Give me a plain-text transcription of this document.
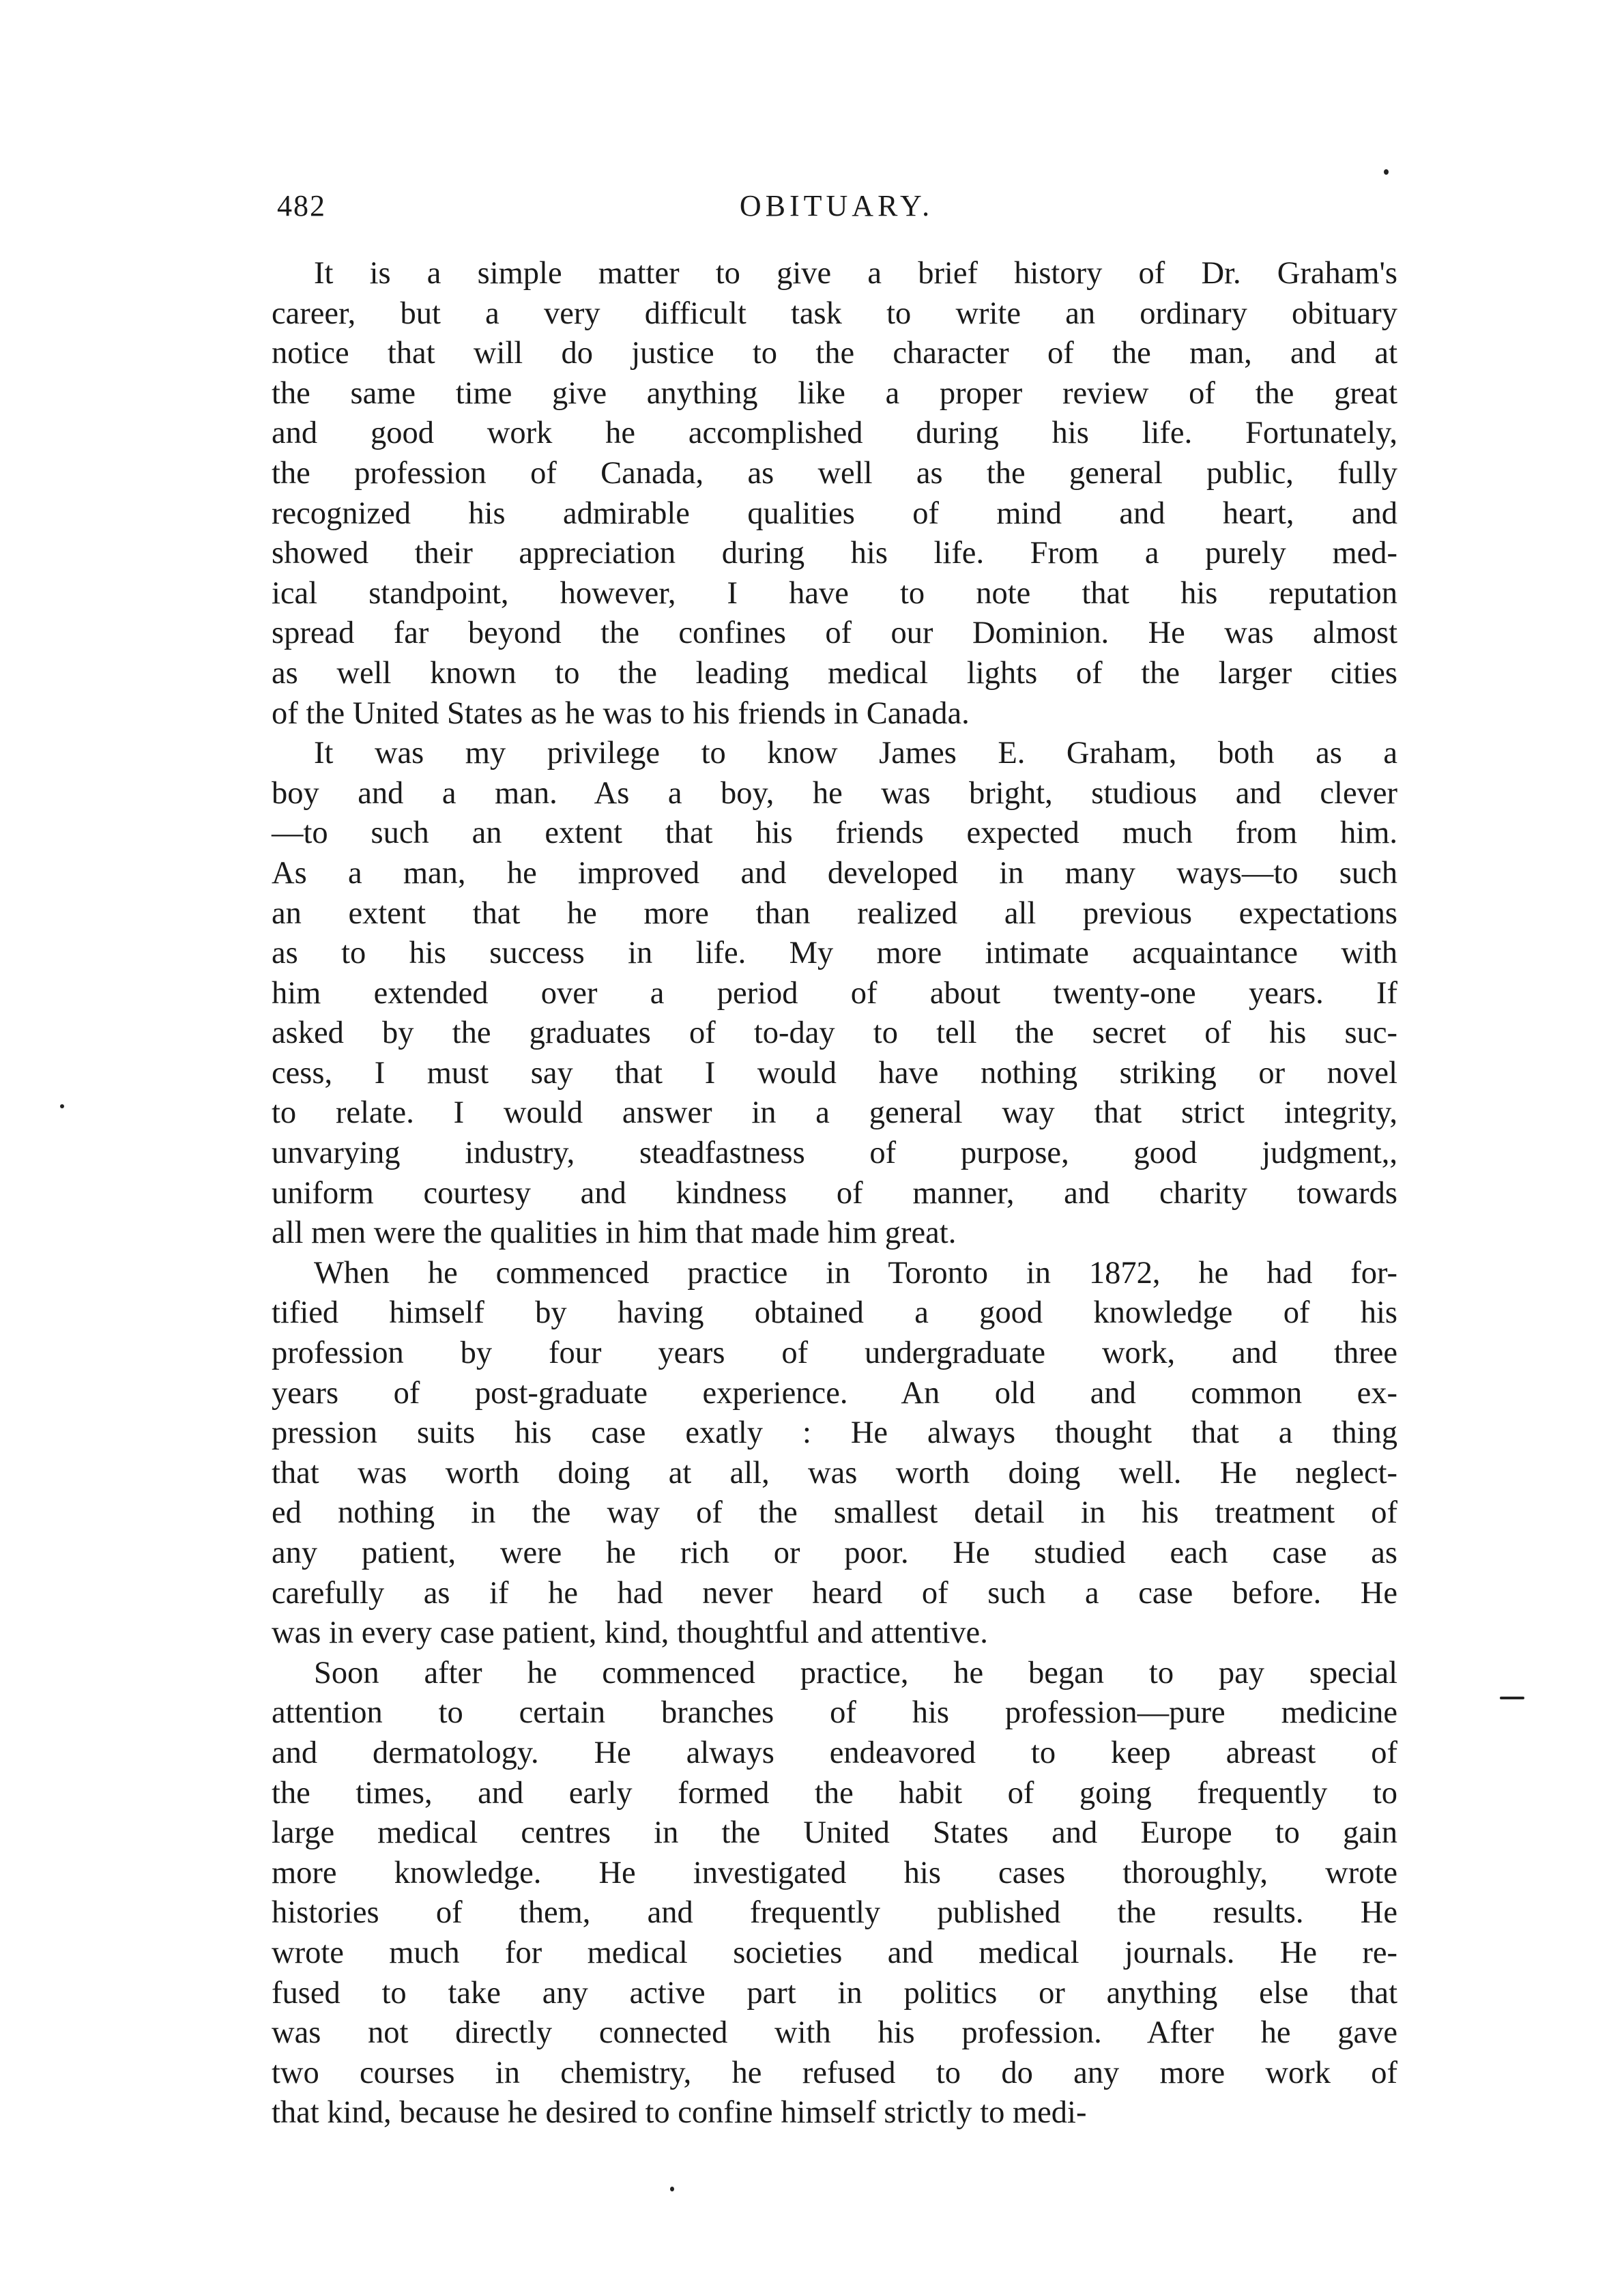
482	OBITUARY.

It is a simple matter to give a brief history of Dr. Graham's
career, but a very difficult task to write an ordinary obituary
notice that will do justice to the character of the man, and at
the same time give anything like a proper review of the great
and good work he accomplished during his life. Fortunately,
the profession of Canada, as well as the general public, fully
recognized his admirable qualities of mind and heart, and
showed their appreciation during his life. From a purely med-
ical standpoint, however, I have to note that his reputation
spread far beyond the confines of our Dominion. He was almost
as well known to the leading medical lights of the larger cities
of the United States as he was to his friends in Canada.

It was my privilege to know James E. Graham, both as a
boy and a man. As a boy, he was bright, studious and clever
—to such an extent that his friends expected much from him.
As a man, he improved and developed in many ways—to such
an extent that he more than realized all previous expectations
as to his success in life. My more intimate acquaintance with
him extended over a period of about twenty-one years. If
asked by the graduates of to-day to tell the secret of his suc-
cess, I must say that I would have nothing striking or novel
to relate. I would answer in a general way that strict integrity,
unvarying industry, steadfastness of purpose, good judgment,,
uniform courtesy and kindness of manner, and charity towards
all men were the qualities in him that made him great.

When he commenced practice in Toronto in 1872, he had for-
tified himself by having obtained a good knowledge of his
profession by four years of undergraduate work, and three
years of post-graduate experience. An old and common ex-
pression suits his case exatly : He always thought that a thing
that was worth doing at all, was worth doing well. He neglect-
ed nothing in the way of the smallest detail in his treatment of
any patient, were he rich or poor. He studied each case as
carefully as if he had never heard of such a case before. He
was in every case patient, kind, thoughtful and attentive.

Soon after he commenced practice, he began to pay special
attention to certain branches of his profession—pure medicine
and dermatology. He always endeavored to keep abreast of
the times, and early formed the habit of going frequently to
large medical centres in the United States and Europe to gain
more knowledge. He investigated his cases thoroughly, wrote
histories of them, and frequently published the results. He
wrote much for medical societies and medical journals. He re-
fused to take any active part in politics or anything else that
was not directly connected with his profession. After he gave
two courses in chemistry, he refused to do any more work of
that kind, because he desired to confine himself strictly to medi-
